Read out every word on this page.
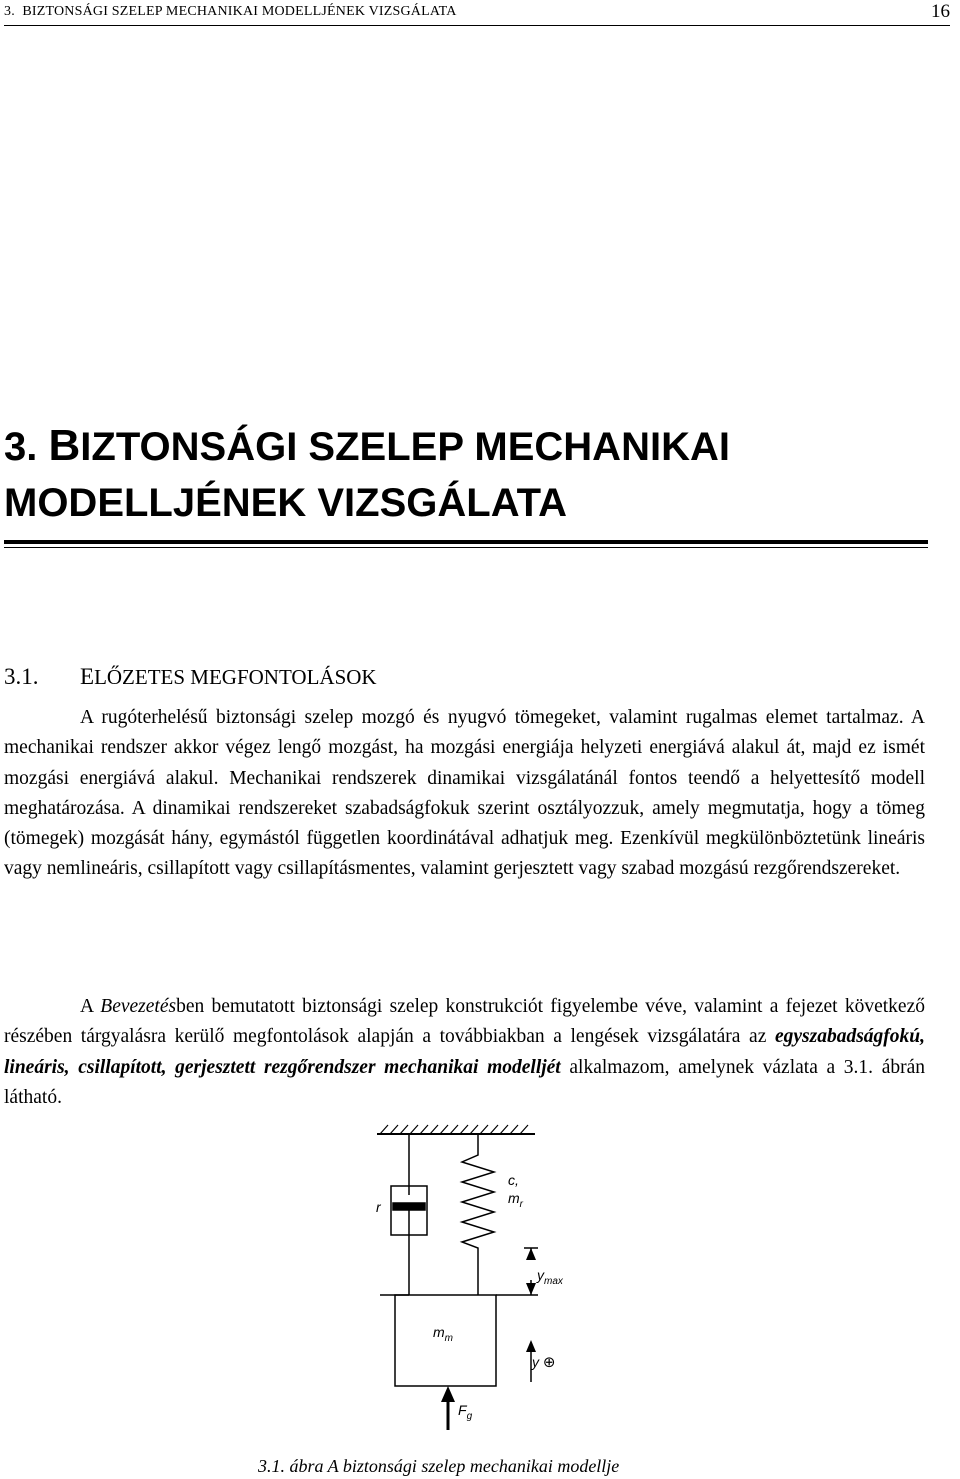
3. BIZTONSÁGI SZELEP MECHANIKAI MODELLJÉNEK VIZSGÁLATA	16
3. BIZTONSÁGI SZELEP MECHANIKAI
MODELLJÉNEK VIZSGÁLATA
3.1. ELŐZETES MEGFONTOLÁSOK

A rugóterhelésű biztonsági szelep mozgó és nyugvó tömegeket, valamint rugalmas elemet tartalmaz. A mechanikai rendszer akkor végez lengő mozgást, ha mozgási energiája helyzeti energiává alakul át, majd ez ismét mozgási energiává alakul. Mechanikai rendszerek dinamikai vizsgálatánál fontos teendő a helyettesítő modell meghatározása. A dinamikai rendszereket szabadságfokuk szerint osztályozzuk, amely megmutatja, hogy a tömeg (tömegek) mozgását hány, egymástól független koordinátával adhatjuk meg. Ezenkívül megkülönböztetünk lineáris vagy nemlineáris, csillapított vagy csillapításmentes, valamint gerjesztett vagy szabad mozgású rezgőrendszereket.

A Bevezetésben bemutatott biztonsági szelep konstrukciót figyelembe véve, valamint a fejezet következő részében tárgyalásra kerülő megfontolások alapján a továbbiakban a lengések vizsgálatára az egyszabadságfokú, lineáris, csillapított, gerjesztett rezgőrendszer mechanikai modelljét alkalmazom, amelynek vázlata a 3.1. ábrán látható.

r
c,
$m_r$
$y_{max}$
$m_m$
y ⊕
$F_g$
3.1. ábra A biztonsági szelep mechanikai modellje
